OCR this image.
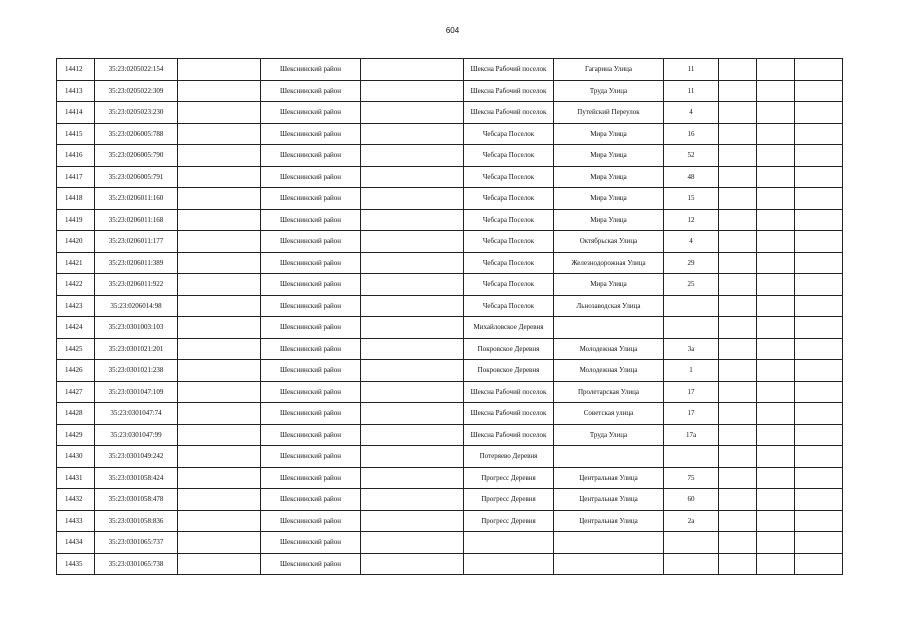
604
14412	35:23:0205022:154		Шекснинский район		Шексна Рабочий поселок	Гагарина Улица	11			
14413	35:23:0205022:309		Шекснинский район		Шексна Рабочий поселок	Труда Улица	11			
14414	35:23:0205023:230		Шекснинский район		Шексна Рабочий поселок	Путейский Переулок	4			
14415	35:23:0206005:788		Шекснинский район		Чебсара Поселок	Мира Улица	16			
14416	35:23:0206005:790		Шекснинский район		Чебсара Поселок	Мира Улица	52			
14417	35:23:0206005:791		Шекснинский район		Чебсара Поселок	Мира Улица	48			
14418	35:23:0206011:160		Шекснинский район		Чебсара Поселок	Мира Улица	15			
14419	35:23:0206011:168		Шекснинский район		Чебсара Поселок	Мира Улица	12			
14420	35:23:0206011:177		Шекснинский район		Чебсара Поселок	Октябрьская Улица	4			
14421	35:23:0206011:389		Шекснинский район		Чебсара Поселок	Железнодорожная Улица	29			
14422	35:23:0206011:922		Шекснинский район		Чебсара Поселок	Мира Улица	25			
14423	35:23:0206014:98		Шекснинский район		Чебсара Поселок	Льнозаводская Улица				
14424	35:23:0301003:103		Шекснинский район		Михайловское Деревня					
14425	35:23:0301021:201		Шекснинский район		Покровское Деревня	Молодежная Улица	3а			
14426	35:23:0301021:238		Шекснинский район		Покровское Деревня	Молодежная Улица	1			
14427	35:23:0301047:109		Шекснинский район		Шексна Рабочий поселок	Пролетарская Улица	17			
14428	35:23:0301047:74		Шекснинский район		Шексна Рабочий поселок	Советская улица	17			
14429	35:23:0301047:99		Шекснинский район		Шексна Рабочий поселок	Труда Улица	17а			
14430	35:23:0301049:242		Шекснинский район		Потеряево Деревня					
14431	35:23:0301058:424		Шекснинский район		Прогресс Деревня	Центральная Улица	75			
14432	35:23:0301058:478		Шекснинский район		Прогресс Деревня	Центральная Улица	60			
14433	35:23:0301058:836		Шекснинский район		Прогресс Деревня	Центральная Улица	2а			
14434	35:23:0301065:737		Шекснинский район							
14435	35:23:0301065:738		Шекснинский район							
